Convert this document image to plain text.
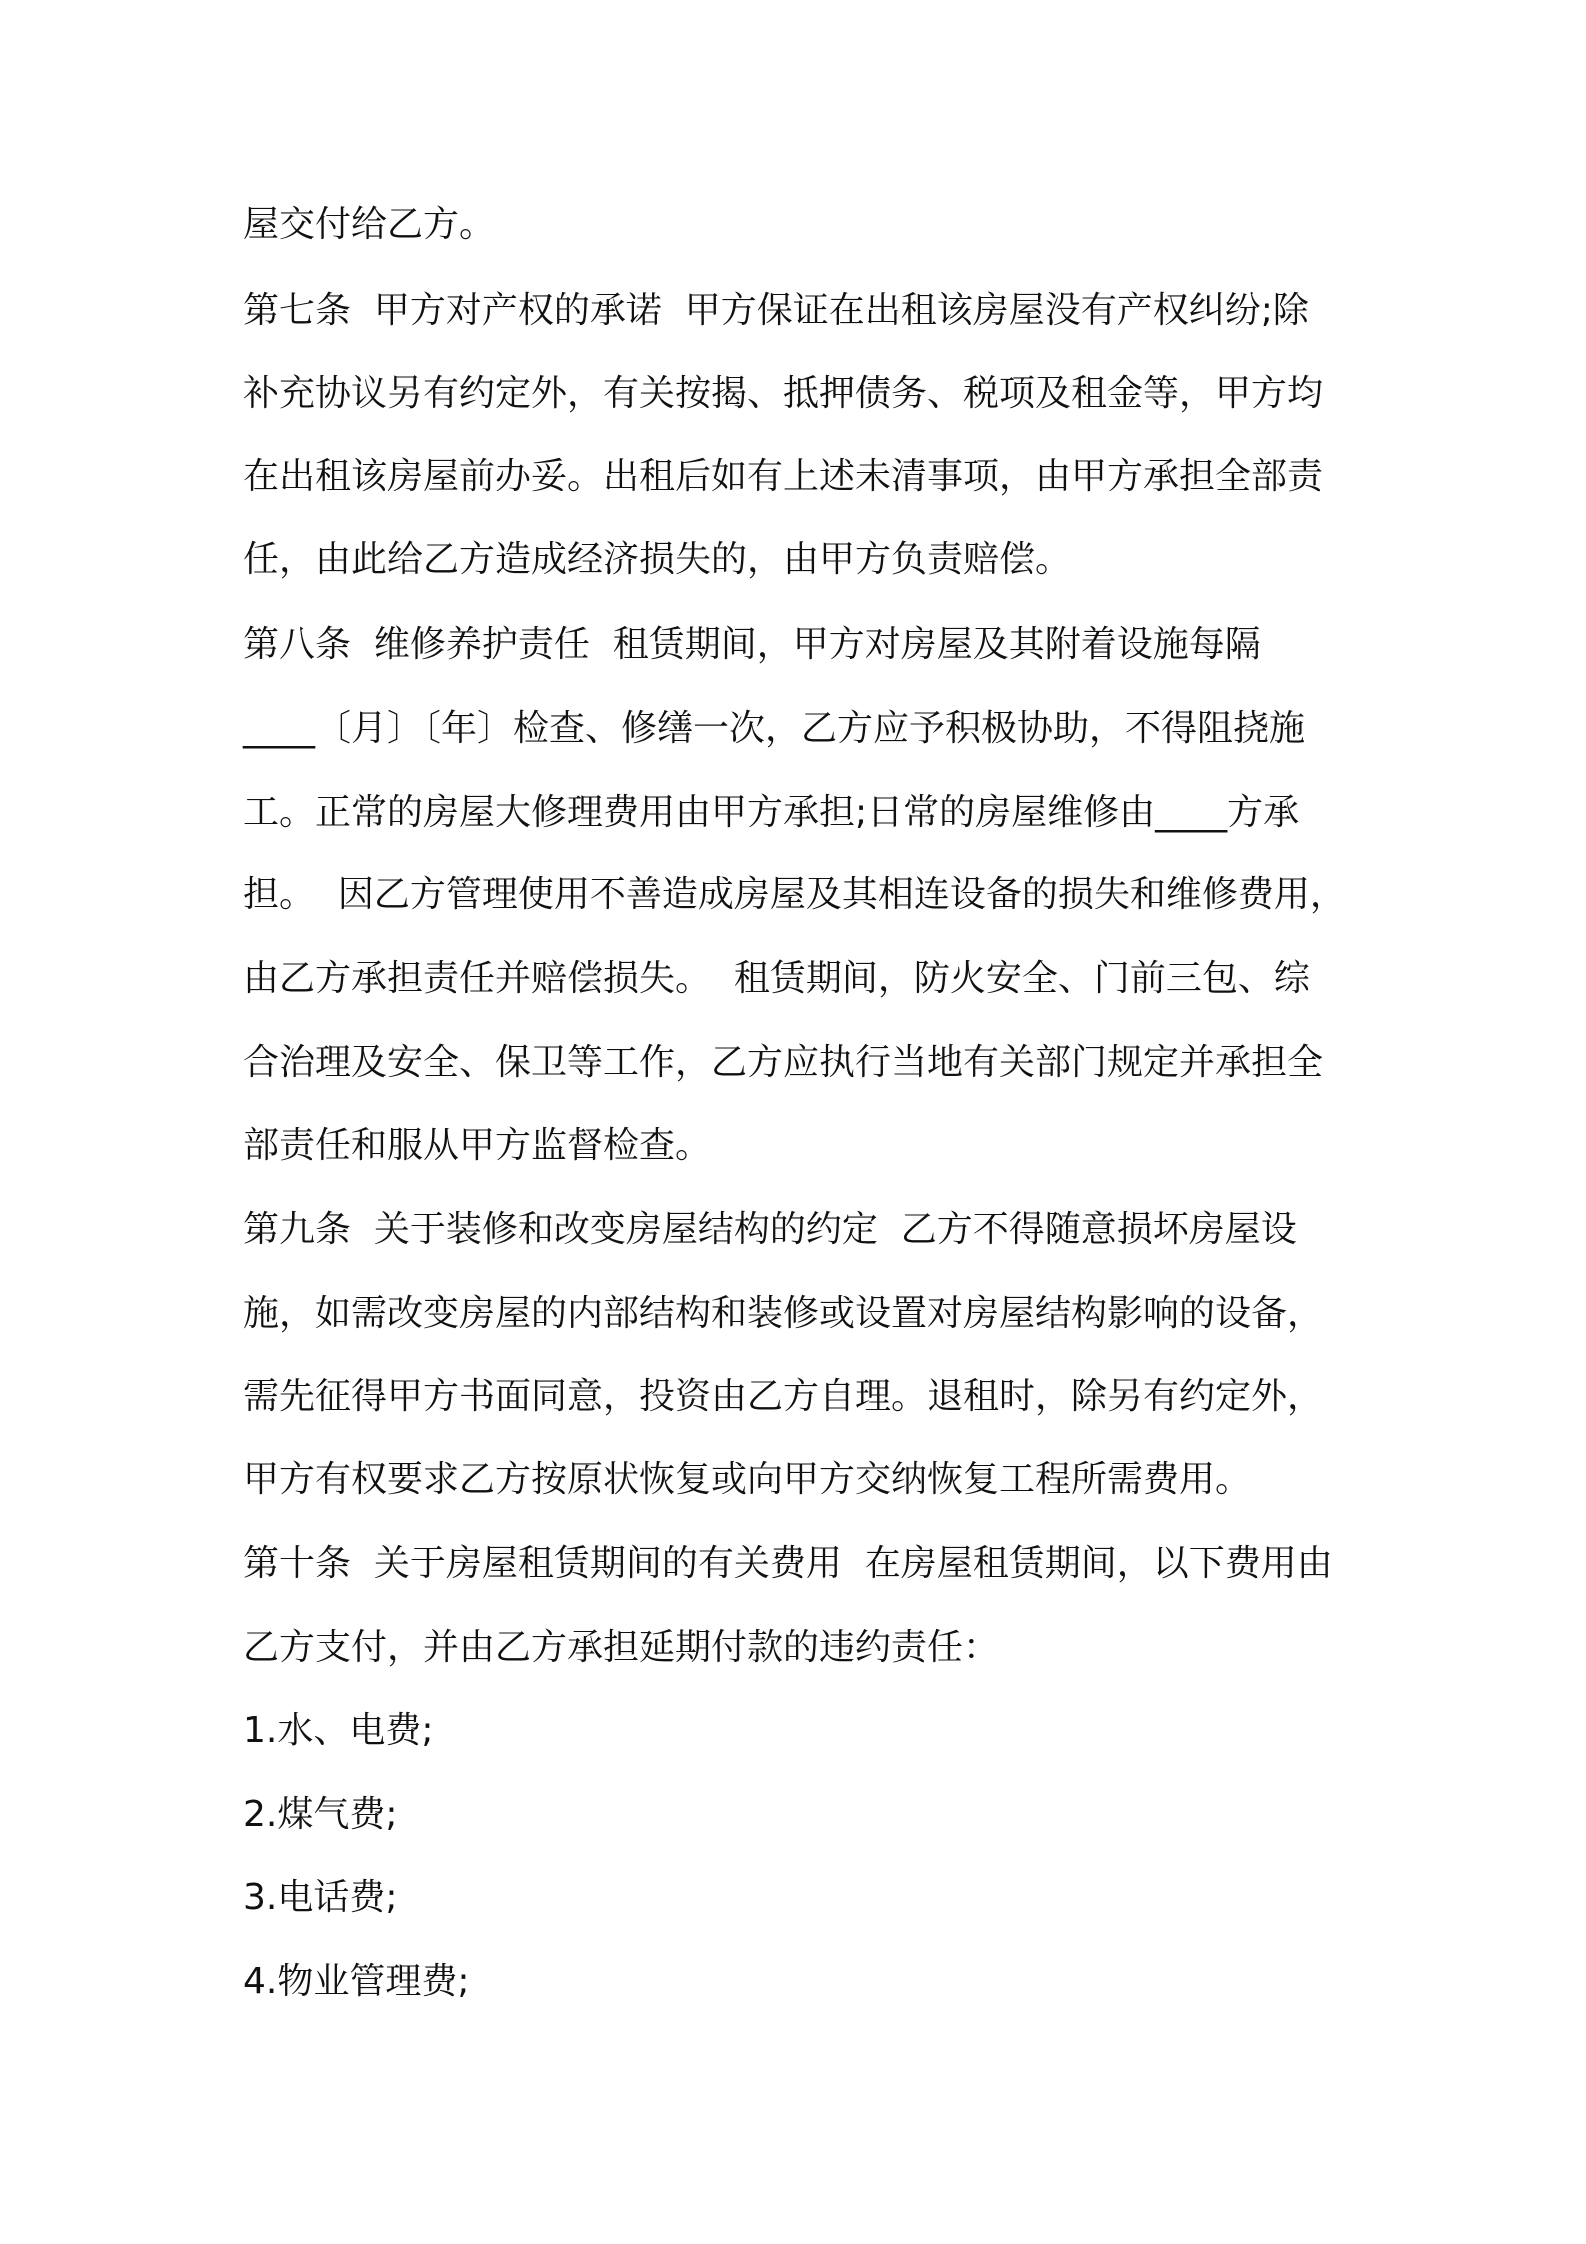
屋交付给乙方。
第七条  甲方对产权的承诺  甲方保证在出租该房屋没有产权纠纷;除
补充协议另有约定外，有关按揭、抵押债务、税项及租金等，甲方均
在出租该房屋前办妥。出租后如有上述未清事项，由甲方承担全部责
任，由此给乙方造成经济损失的，由甲方负责赔偿。
第八条  维修养护责任  租赁期间，甲方对房屋及其附着设施每隔
____〔月〕〔年〕检查、修缮一次，乙方应予积极协助，不得阻挠施
工。正常的房屋大修理费用由甲方承担;日常的房屋维修由____方承
担。  因乙方管理使用不善造成房屋及其相连设备的损失和维修费用，
由乙方承担责任并赔偿损失。  租赁期间，防火安全、门前三包、综
合治理及安全、保卫等工作，乙方应执行当地有关部门规定并承担全
部责任和服从甲方监督检查。
第九条  关于装修和改变房屋结构的约定  乙方不得随意损坏房屋设
施，如需改变房屋的内部结构和装修或设置对房屋结构影响的设备，
需先征得甲方书面同意，投资由乙方自理。退租时，除另有约定外，
甲方有权要求乙方按原状恢复或向甲方交纳恢复工程所需费用。
第十条  关于房屋租赁期间的有关费用  在房屋租赁期间，以下费用由
乙方支付，并由乙方承担延期付款的违约责任：
1.水、电费;
2.煤气费;
3.电话费;
4.物业管理费;
